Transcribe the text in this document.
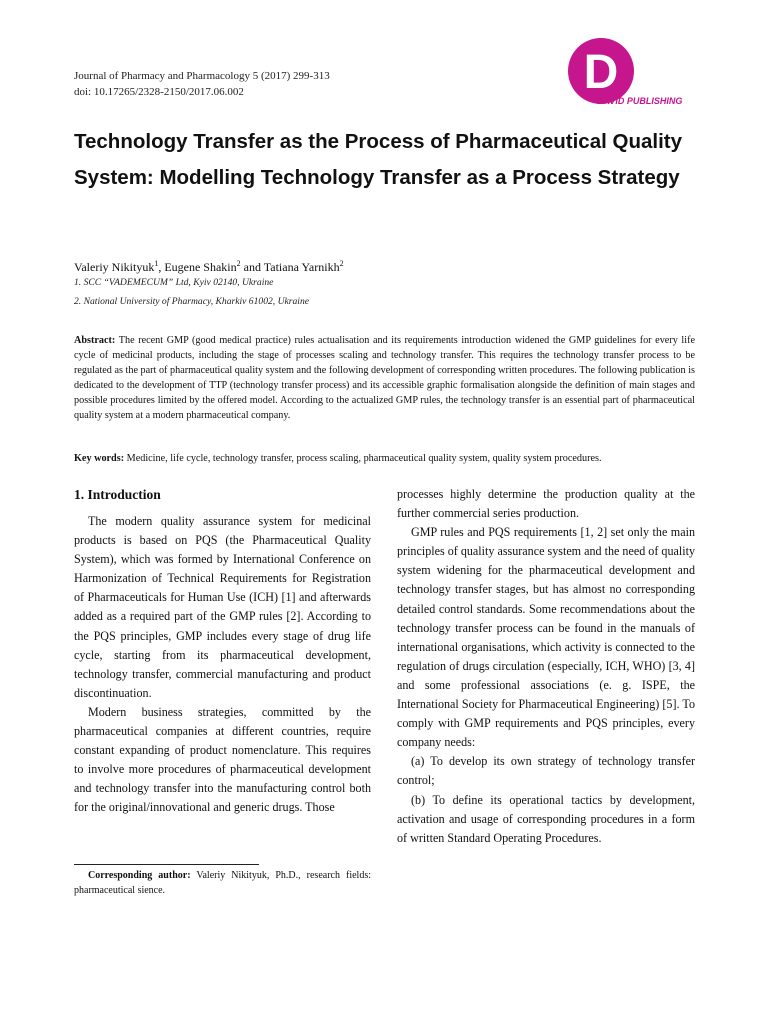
Journal of Pharmacy and Pharmacology 5 (2017) 299-313
doi: 10.17265/2328-2150/2017.06.002	D
DAVID PUBLISHING
Technology Transfer as the Process of Pharmaceutical Quality System: Modelling Technology Transfer as a Process Strategy
Valeriy Nikityuk$^1$, Eugene Shakin$^2$ and Tatiana Yarnikh$^2$
1. SCC “VADEMECUM” Ltd, Kyiv 02140, Ukraine
2. National University of Pharmacy, Kharkiv 61002, Ukraine
Abstract: The recent GMP (good medical practice) rules actualisation and its requirements introduction widened the GMP guidelines for every life cycle of medicinal products, including the stage of processes scaling and technology transfer. This requires the technology transfer process to be regulated as the part of pharmaceutical quality system and the following development of corresponding written procedures. The following publication is dedicated to the development of TTP (technology transfer process) and its accessible graphic formalisation alongside the definition of main stages and possible procedures limited by the offered model. According to the actualized GMP rules, the technology transfer is an essential part of pharmaceutical quality system at a modern pharmaceutical company.
Key words: Medicine, life cycle, technology transfer, process scaling, pharmaceutical quality system, quality system procedures.
1. Introduction

The modern quality assurance system for medicinal products is based on PQS (the Pharmaceutical Quality System), which was formed by International Conference on Harmonization of Technical Requirements for Registration of Pharmaceuticals for Human Use (ICH) [1] and afterwards added as a required part of the GMP rules [2]. According to the PQS principles, GMP includes every stage of drug life cycle, starting from its pharmaceutical development, technology transfer, commercial manufacturing and product discontinuation.

Modern business strategies, committed by the pharmaceutical companies at different countries, require constant expanding of product nomenclature. This requires to involve more procedures of pharmaceutical development and technology transfer into the manufacturing control both for the original/innovational and generic drugs. Those

processes highly determine the production quality at the further commercial series production.

GMP rules and PQS requirements [1, 2] set only the main principles of quality assurance system and the need of quality system widening for the pharmaceutical development and technology transfer stages, but has almost no corresponding detailed control standards. Some recommendations about the technology transfer process can be found in the manuals of international organisations, which activity is connected to the regulation of drugs circulation (especially, ICH, WHO) [3, 4] and some professional associations (e. g. ISPE, the International Society for Pharmaceutical Engineering) [5]. To comply with GMP requirements and PQS principles, every company needs:

(a) To develop its own strategy of technology transfer control;

(b) To define its operational tactics by development, activation and usage of corresponding procedures in a form of written Standard Operating Procedures.

Corresponding author: Valeriy Nikityuk, Ph.D., research fields: pharmaceutical sience.
